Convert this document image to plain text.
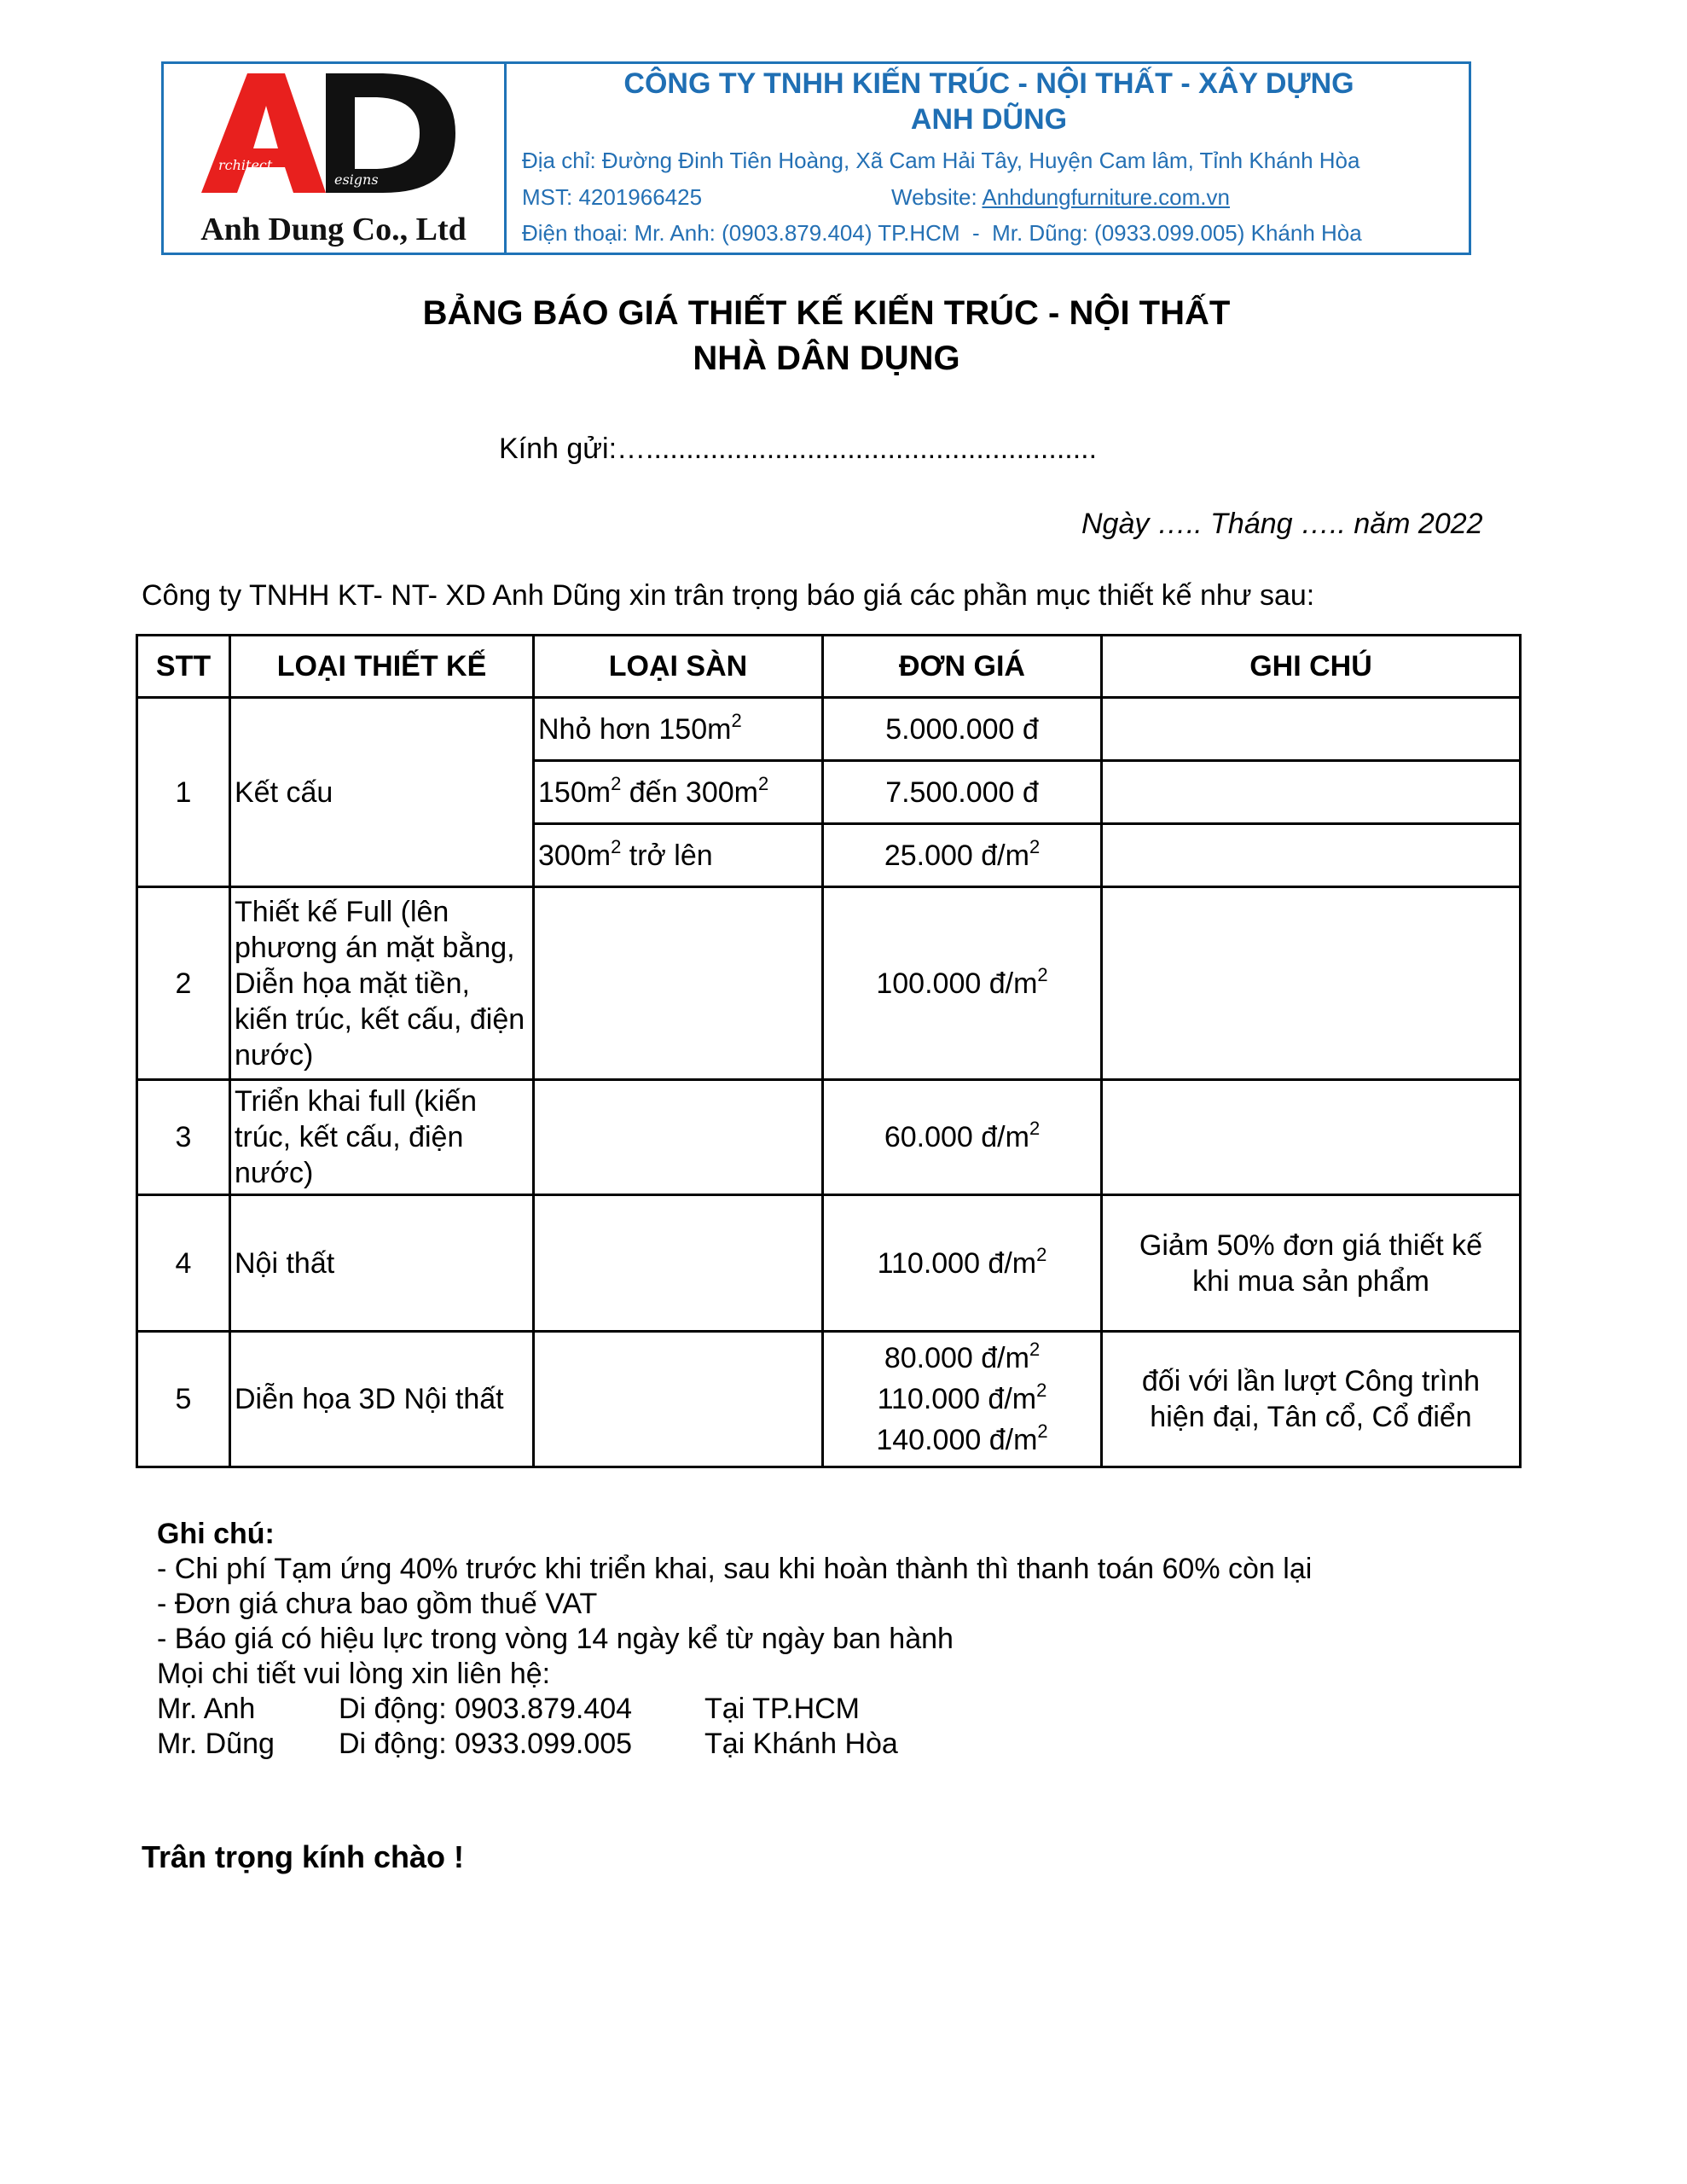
rchitect
esigns
Anh Dung Co., Ltd
CÔNG TY TNHH KIẾN TRÚC - NỘI THẤT - XÂY DỰNG
ANH DŨNG
Địa chỉ: Đường Đinh Tiên Hoàng, Xã Cam Hải Tây, Huyện Cam lâm, Tỉnh Khánh Hòa
MST: 4201966425	Website: Anhdungfurniture.com.vn
Điện thoại: Mr. Anh: (0903.879.404) TP.HCM  -  Mr. Dũng: (0933.099.005) Khánh Hòa
BẢNG BÁO GIÁ THIẾT KẾ KIẾN TRÚC - NỘI THẤT
NHÀ DÂN DỤNG
Kính gửi:…........................................................
Ngày ….. Tháng ….. năm 2022
Công ty TNHH KT- NT- XD Anh Dũng xin trân trọng báo giá các phần mục thiết kế như sau:
STT	LOẠI THIẾT KẾ	LOẠI SÀN	ĐƠN GIÁ	GHI CHÚ
1	Kết cấu	Nhỏ hơn $150m^2$	5.000.000 đ	
		$150m^2$ đến $300m^2$	7.500.000 đ	
		$300m^2$ trở lên	25.000 $đ/m^2$	
2	Thiết kế Full (lên phương án mặt bằng, Diễn họa mặt tiền, kiến trúc, kết cấu, điện nước)		100.000 $đ/m^2$	
3	Triển khai full (kiến trúc, kết cấu, điện nước)		60.000 $đ/m^2$	
4	Nội thất		110.000 $đ/m^2$	Giảm 50% đơn giá thiết kế khi mua sản phẩm
5	Diễn họa 3D Nội thất		80.000 $đ/m^2$
110.000 $đ/m^2$
140.000 $đ/m^2$	đối với lần lượt Công trình hiện đại, Tân cổ, Cổ điển
Ghi chú:
- Chi phí Tạm ứng 40% trước khi triển khai, sau khi hoàn thành thì thanh toán 60% còn lại
- Đơn giá chưa bao gồm thuế VAT
- Báo giá có hiệu lực trong vòng 14 ngày kể từ ngày ban hành
Mọi chi tiết vui lòng xin liên hệ:
Mr. Anh	Di động: 0903.879.404 Tại TP.HCM
Mr. Dũng Di động: 0933.099.005 Tại Khánh Hòa
Trân trọng kính chào !
